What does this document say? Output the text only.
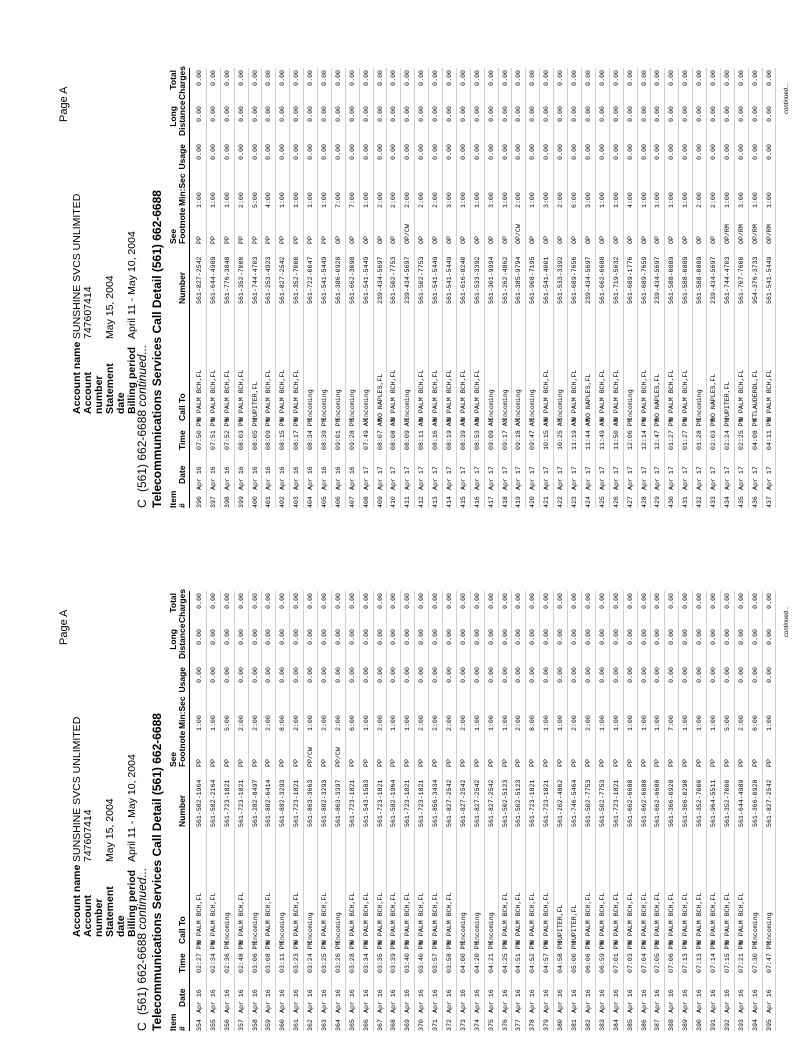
Page A
Account name
SUNSHINE SVCS UNLIMITED
Account number
747607414
Statement date
May 15, 2004
Billing period
April 11 - May 10, 2004
C(561) 662-6688 continued... Telecommunications Services Call Detail (561) 662-6688 Item #
Date
Time
Call To
Number
See Footnote
Min:Sec
Usage
Long Distance
Total Charges
354
Apr 16
02:27 PM
W PALM BCH,FL
561-582-1964
PP
1:00
0.00
0.00
0.00
355
Apr 16
02:34 PM
W PALM BCH,FL
561-582-2164
PP
1:00
0.00
0.00
0.00
356
Apr 16
02:36 PM
Incoming
561-723-1821
PP
5:00
0.00
0.00
0.00
357
Apr 16
02:48 PM
W PALM BCH,FL
561-723-1821
PP
2:00
0.00
0.00
0.00
358
Apr 16
03:06 PM
Incoming
561-282-8497
PP
2:00
0.00
0.00
0.00
359
Apr 16
03:08 PM
W PALM BCH,FL
561-882-6414
PP
2:00
0.00
0.00
0.00
360
Apr 16
03:11 PM
Incoming
561-882-3293
PP
8:00
0.00
0.00
0.00
361
Apr 16
03:23 PM
W PALM BCH,FL
561-723-1821
PP
2:00
0.00
0.00
0.00
362
Apr 16
03:24 PM
Incoming
561-863-3663
PP/CW
1:00
0.00
0.00
0.00
363
Apr 16
03:25 PM
W PALM BCH,FL
561-882-3293
PP
2:00
0.00
0.00
0.00
364
Apr 16
03:26 PM
Incoming
561-863-3397
PP/CW
2:00
0.00
0.00
0.00
365
Apr 16
03:28 PM
W PALM BCH,FL
561-723-1821
PP
6:00
0.00
0.00
0.00
366
Apr 16
03:34 PM
W PALM BCH,FL
561-543-1583
PP
1:00
0.00
0.00
0.00
367
Apr 16
03:35 PM
W PALM BCH,FL
561-723-1821
PP
2:00
0.00
0.00
0.00
368
Apr 16
03:39 PM
W PALM BCH,FL
561-582-1964
PP
1:00
0.00
0.00
0.00
369
Apr 16
03:40 PM
W PALM BCH,FL
561-723-1821
PP
1:00
0.00
0.00
0.00
370
Apr 16
03:40 PM
W PALM BCH,FL
561-723-1821
PP
2:00
0.00
0.00
0.00
371
Apr 16
03:57 PM
W PALM BCH,FL
561-856-3434
PP
2:00
0.00
0.00
0.00
372
Apr 16
03:58 PM
W PALM BCH,FL
561-827-2542
PP
2:00
0.00
0.00
0.00
373
Apr 16
04:00 PM
Incoming
561-827-2542
PP
2:00
0.00
0.00
0.00
374
Apr 16
04:20 PM
Incoming
561-827-2542
PP
1:00
0.00
0.00
0.00
375
Apr 16
04:21 PM
Incoming
561-827-2542
PP
1:00
0.00
0.00
0.00
376
Apr 16
04:25 PM
W PALM BCH,FL
561-502-5123
PP
1:00
0.00
0.00
0.00
377
Apr 16
04:51 PM
W PALM BCH,FL
561-502-5123
PP
2:00
0.00
0.00
0.00
378
Apr 16
04:52 PM
W PALM BCH,FL
561-723-1821
PP
8:00
0.00
0.00
0.00
379
Apr 16
04:57 PM
W PALM BCH,FL
561-723-1821
PP
1:00
0.00
0.00
0.00
380
Apr 16
04:58 PM
JUPITER,FL
561-262-4862
PP
1:00
0.00
0.00
0.00
381
Apr 16
05:00 PM
JUPITER,FL
561-746-5464
PP
2:00
0.00
0.00
0.00
382
Apr 16
06:06 PM
W PALM BCH,FL
561-502-7753
PP
2:00
0.00
0.00
0.00
383
Apr 16
06:59 PM
W PALM BCH,FL
561-502-7753
PP
1:00
0.00
0.00
0.00
384
Apr 16
07:01 PM
W PALM BCH,FL
561-723-1821
PP
1:00
0.00
0.00
0.00
385
Apr 16
07:03 PM
W PALM BCH,FL
561-662-6688
PP
1:00
0.00
0.00
0.00
386
Apr 16
07:04 PM
W PALM BCH,FL
561-662-6688
PP
1:00
0.00
0.00
0.00
387
Apr 16
07:05 PM
W PALM BCH,FL
561-662-6688
PP
1:00
0.00
0.00
0.00
388
Apr 16
07:06 PM
W PALM BCH,FL
561-366-0928
PP
7:00
0.00
0.00
0.00
389
Apr 16
07:13 PM
W PALM BCH,FL
561-366-0298
PP
1:00
0.00
0.00
0.00
390
Apr 16
07:13 PM
W PALM BCH,FL
561-352-7000
PP
1:00
0.00
0.00
0.00
391
Apr 16
07:14 PM
W PALM BCH,FL
561-964-5511
PP
1:00
0.00
0.00
0.00
392
Apr 16
07:15 PM
W PALM BCH,FL
561-352-7000
PP
5:00
0.00
0.00
0.00
393
Apr 16
07:21 PM
W PALM BCH,FL
561-644-4989
PP
2:00
0.00
0.00
0.00
394
Apr 16
07:30 PM
Incoming
561-366-0928
PP
6:00
0.00
0.00
0.00
395
Apr 16
07:47 PM
Incoming
561-827-2542
PP
1:00
0.00
0.00
0.00
continued...
Page A
Account name
SUNSHINE SVCS UNLIMITED
Account number
747607414
Statement date
May 15, 2004
Billing period
April 11 - May 10, 2004
C(561) 662-6688 continued... Telecommunications Services Call Detail (561) 662-6688 Item #
Date
Time
Call To
Number
See Footnote
Min:Sec
Usage
Long Distance
Total Charges
396
Apr 16
07:50 PM
W PALM BCH,FL
561-827-2542
PP
1:00
0.00
0.00
0.00
397
Apr 16
07:51 PM
W PALM BCH,FL
561-644-4989
PP
1:00
0.00
0.00
0.00
398
Apr 16
07:52 PM
W PALM BCH,FL
561-776-3848
PP
1:00
0.00
0.00
0.00
399
Apr 16
08:03 PM
W PALM BCH,FL
561-352-7000
PP
2:00
0.00
0.00
0.00
400
Apr 16
08:05 PM
JUPITER,FL
561-744-4703
PP
5:00
0.00
0.00
0.00
401
Apr 16
08:09 PM
W PALM BCH,FL
561-253-4923
PP
4:00
0.00
0.00
0.00
402
Apr 16
08:15 PM
W PALM BCH,FL
561-827-2542
PP
1:00
0.00
0.00
0.00
403
Apr 16
08:17 PM
W PALM BCH,FL
561-352-7000
PP
1:00
0.00
0.00
0.00
404
Apr 16
08:34 PM
Incoming
561-722-0047
PP
1:00
0.00
0.00
0.00
405
Apr 16
08:39 PM
Incoming
561-541-5449
PP
1:00
0.00
0.00
0.00
406
Apr 16
09:01 PM
Incoming
561-386-0928
OP
7:00
0.00
0.00
0.00
407
Apr 16
09:28 PM
Incoming
561-662-3098
OP
7:00
0.00
0.00
0.00
408
Apr 17
07:49 AM
Incoming
561-541-5449
OP
1:00
0.00
0.00
0.00
409
Apr 17
08:07 AM
NO NAPLES,FL
239-434-5697
OP
2:00
0.00
0.00
0.00
410
Apr 17
08:08 AM
W PALM BCH,FL
561-502-7753
OP
2:00
0.00
0.00
0.00
411
Apr 17
08:09 AM
Incoming
239-434-5697
OP/CW
2:00
0.00
0.00
0.00
412
Apr 17
08:11 AM
W PALM BCH,FL
561-502-7753
OP
2:00
0.00
0.00
0.00
413
Apr 17
08:16 AM
W PALM BCH,FL
561-541-5449
OP
2:00
0.00
0.00
0.00
414
Apr 17
08:19 AM
W PALM BCH,FL
561-541-5449
OP
3:00
0.00
0.00
0.00
415
Apr 17
08:39 AM
W PALM BCH,FL
561-616-8240
OP
1:00
0.00
0.00
0.00
416
Apr 17
08:53 AM
W PALM BCH,FL
561-533-3392
OP
1:00
0.00
0.00
0.00
417
Apr 17
09:09 AM
Incoming
561-301-9994
OP
3:00
0.00
0.00
0.00
418
Apr 17
09:17 AM
Incoming
561-262-4862
OP
1:00
0.00
0.00
0.00
419
Apr 17
09:18 AM
Incoming
561-385-9794
OP/CW
2:00
0.00
0.00
0.00
420
Apr 17
09:47 AM
Incoming
561-968-7195
OP
1:00
0.00
0.00
0.00
421
Apr 17
10:15 AM
W PALM BCH,FL
561-541-4001
OP
3:00
0.00
0.00
0.00
422
Apr 17
10:25 AM
Incoming
561-533-3392
OP
2:00
0.00
0.00
0.00
423
Apr 17
11:19 AM
W PALM BCH,FL
561-689-7656
OP
6:00
0.00
0.00
0.00
424
Apr 17
11:44 AM
NO NAPLES,FL
239-434-5697
OP
3:00
0.00
0.00
0.00
425
Apr 17
11:49 AM
W PALM BCH,FL
561-662-6688
OP
1:00
0.00
0.00
0.00
426
Apr 17
11:50 AM
W PALM BCH,FL
561-719-5032
OP
1:00
0.00
0.00
0.00
427
Apr 17
12:06 PM
Incoming
561-689-1776
OP
4:00
0.00
0.00
0.00
428
Apr 17
12:14 PM
W PALM BCH,FL
561-689-7659
OP
1:00
0.00
0.00
0.00
429
Apr 17
12:47 PM
NO NAPLES,FL
239-434-5697
OP
1:00
0.00
0.00
0.00
430
Apr 17
01:27 PM
W PALM BCH,FL
561-588-0889
OP
1:00
0.00
0.00
0.00
431
Apr 17
01:27 PM
W PALM BCH,FL
561-588-0889
OP
1:00
0.00
0.00
0.00
432
Apr 17
01:28 PM
Incoming
561-588-0889
OP
2:00
0.00
0.00
0.00
433
Apr 17
02:03 PM
NO NAPLES,FL
239-434-5697
OP
2:00
0.00
0.00
0.00
434
Apr 17
02:24 PM
JUPITER,FL
561-744-4703
OP/RM
1:00
0.00
0.00
0.00
435
Apr 17
02:25 PM
W PALM BCH,FL
561-707-7600
OP/RM
3:00
0.00
0.00
0.00
436
Apr 17
04:08 PM
FTLAUDERDL,FL
954-376-3733
OP/RM
1:00
0.00
0.00
0.00
437
Apr 17
04:11 PM
W PALM BCH,FL
561-541-5449
OP/RM
1:00
0.00
0.00
0.00
continued...
